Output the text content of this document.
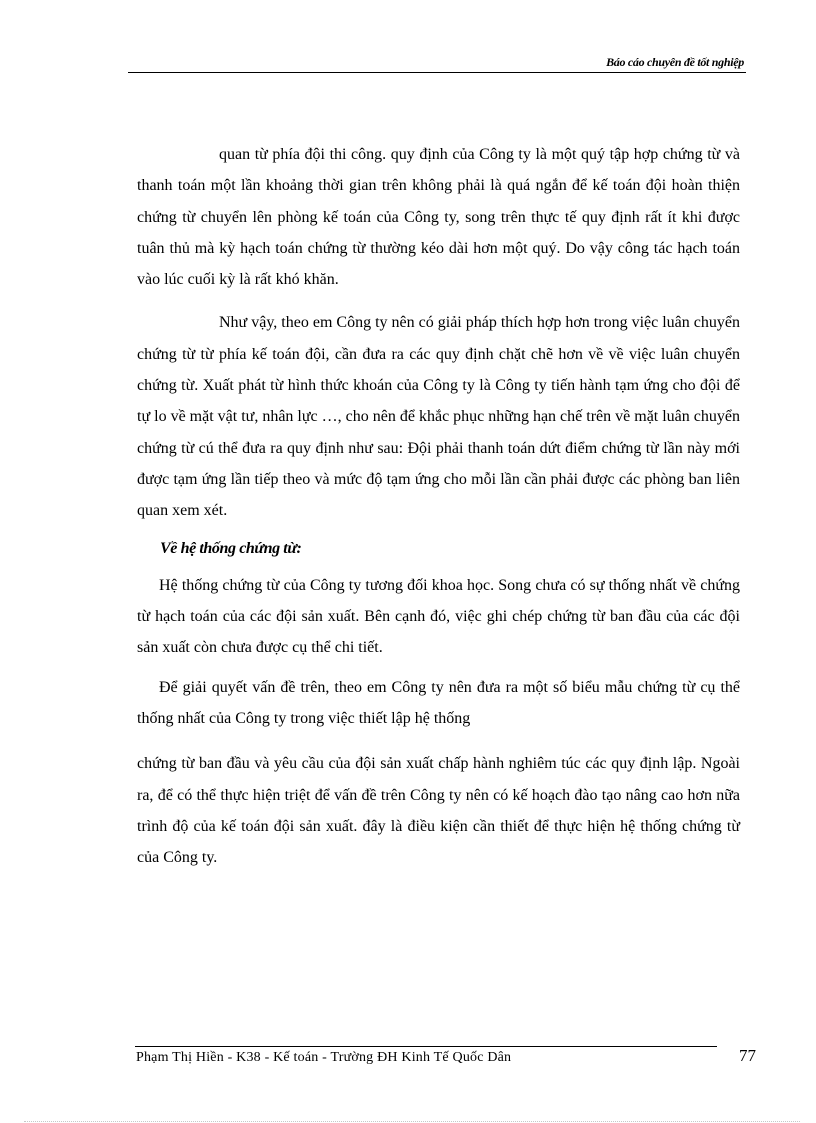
Báo cáo chuyên đề tốt nghiệp

quan từ phía đội thi công. quy định của Công ty là một quý tập hợp chứng từ và thanh toán một lần khoảng thời gian trên không phải là quá ngắn để kế toán đội hoàn thiện chứng từ chuyển lên phòng kế toán của Công ty, song trên thực tế quy định rất ít khi được tuân thủ mà kỳ hạch toán chứng từ thường kéo dài hơn một quý. Do vậy công tác hạch toán vào lúc cuối kỳ là rất khó khăn.

Như vậy, theo em Công ty nên có giải pháp thích hợp hơn trong việc luân chuyển chứng từ từ phía kế toán đội, cần đưa ra các quy định chặt chẽ hơn về về việc luân chuyển chứng từ. Xuất phát từ hình thức khoán của Công ty là Công ty tiến hành tạm ứng cho đội để tự lo về mặt vật tư, nhân lực …, cho nên để khắc phục những hạn chế trên về mặt luân chuyển chứng từ cú thể đưa ra quy định như sau: Đội phải thanh toán dứt điểm chứng từ lần này mới được tạm ứng lần tiếp theo và mức độ tạm ứng cho mỗi lần cần phải được các phòng ban liên quan xem xét.

Về hệ thống chứng từ:

Hệ thống chứng từ của Công ty tương đối khoa học. Song chưa có sự thống nhất về chứng từ hạch toán của các đội sản xuất. Bên cạnh đó, việc ghi chép chứng từ ban đầu của các đội sản xuất còn chưa được cụ thể chi tiết.

Để giải quyết vấn đề trên, theo em Công ty nên đưa ra một số biểu mẫu chứng từ cụ thể thống nhất của Công ty trong việc thiết lập hệ thống

chứng từ ban đầu và yêu cầu của đội sản xuất chấp hành nghiêm túc các quy định lập. Ngoài ra, để có thể thực hiện triệt để vấn đề trên Công ty nên có kế hoạch đào tạo nâng cao hơn nữa trình độ của kế toán đội sản xuất. đây là điều kiện cần thiết để thực hiện hệ thống chứng từ của Công ty.

Phạm Thị Hiền - K38 - Kế toán - Trường ĐH Kinh Tế Quốc Dân	77
